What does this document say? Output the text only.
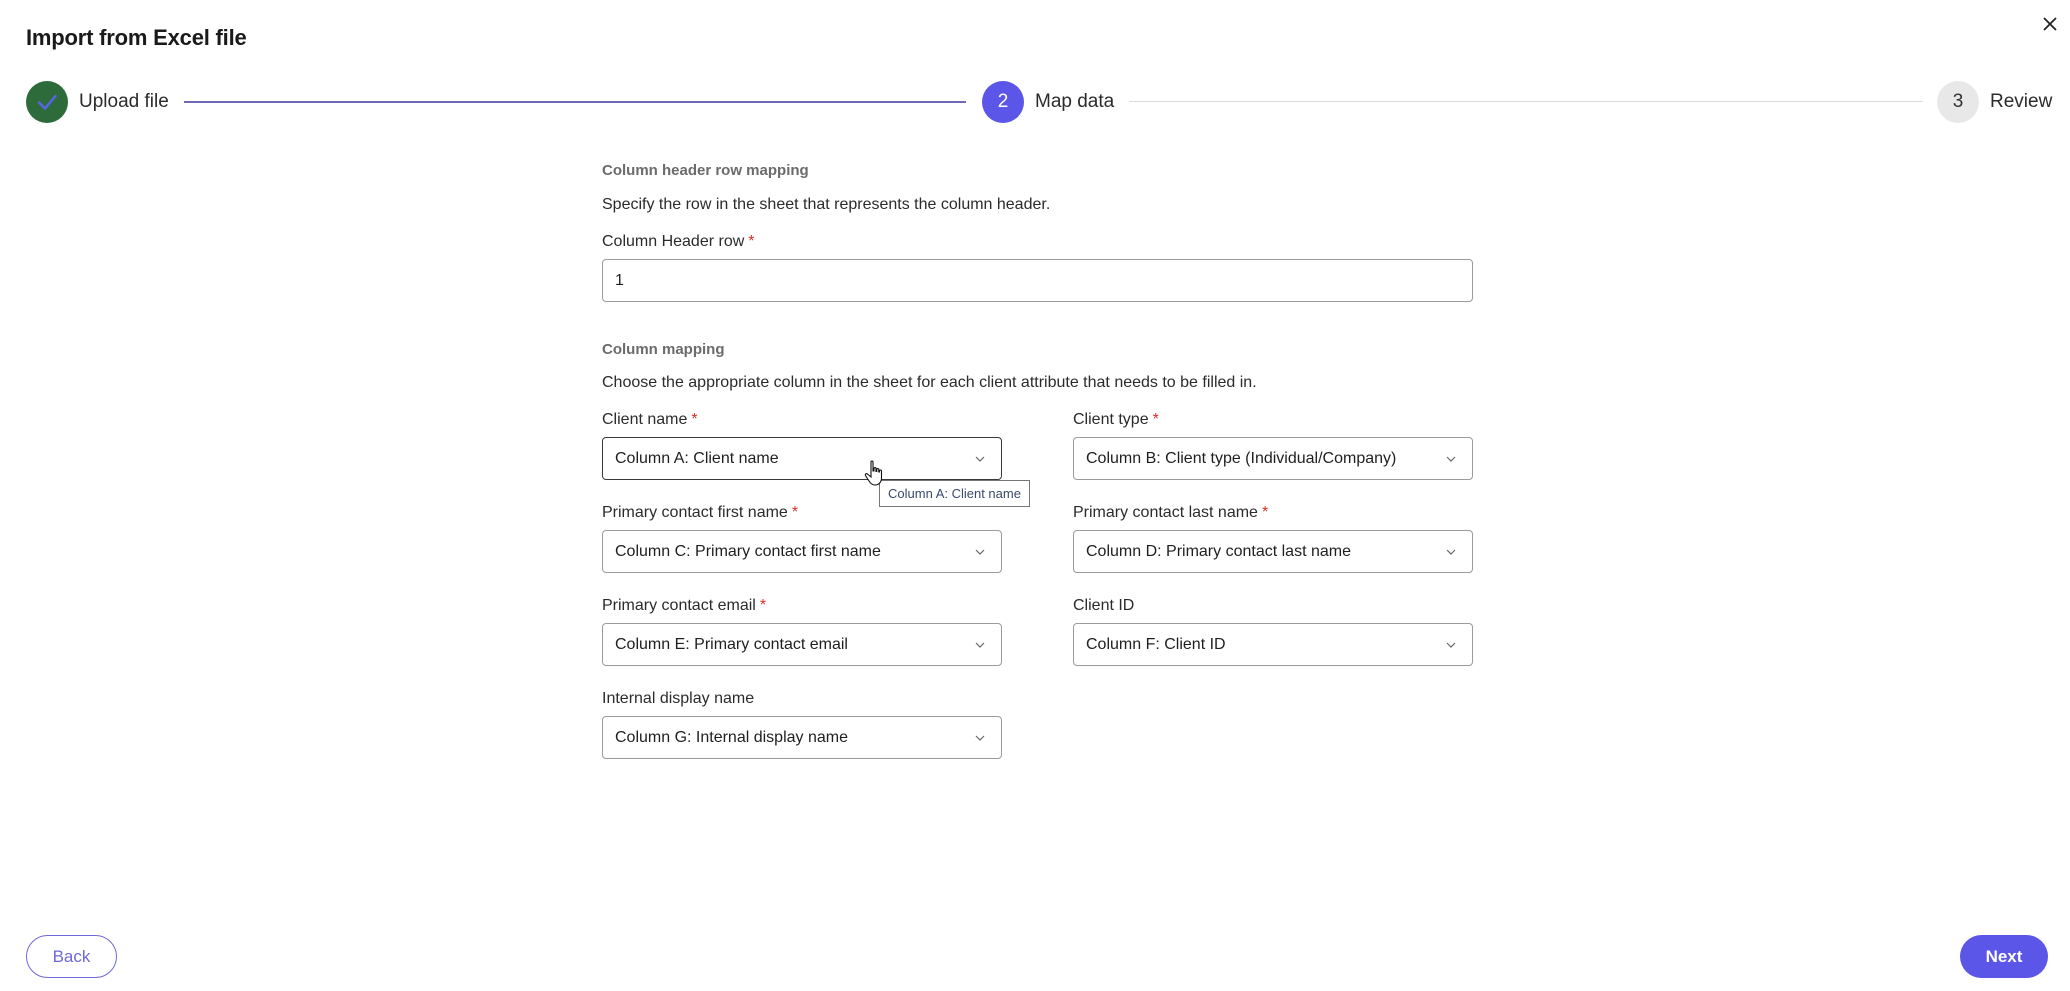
Import from Excel file
Upload file	2	Map data	3	Review
Column header row mapping
Specify the row in the sheet that represents the column header.
Column Header row *
1
Column mapping
Choose the appropriate column in the sheet for each client attribute that needs to be filled in.
Client name *
Column A: Client name
Client type *
Column B: Client type (Individual/Company)
Primary contact first name *
Column C: Primary contact first name
Primary contact last name *
Column D: Primary contact last name
Primary contact email *
Column E: Primary contact email
Client ID
Column F: Client ID
Internal display name
Column G: Internal display name
Column A: Client name
Back	Next
